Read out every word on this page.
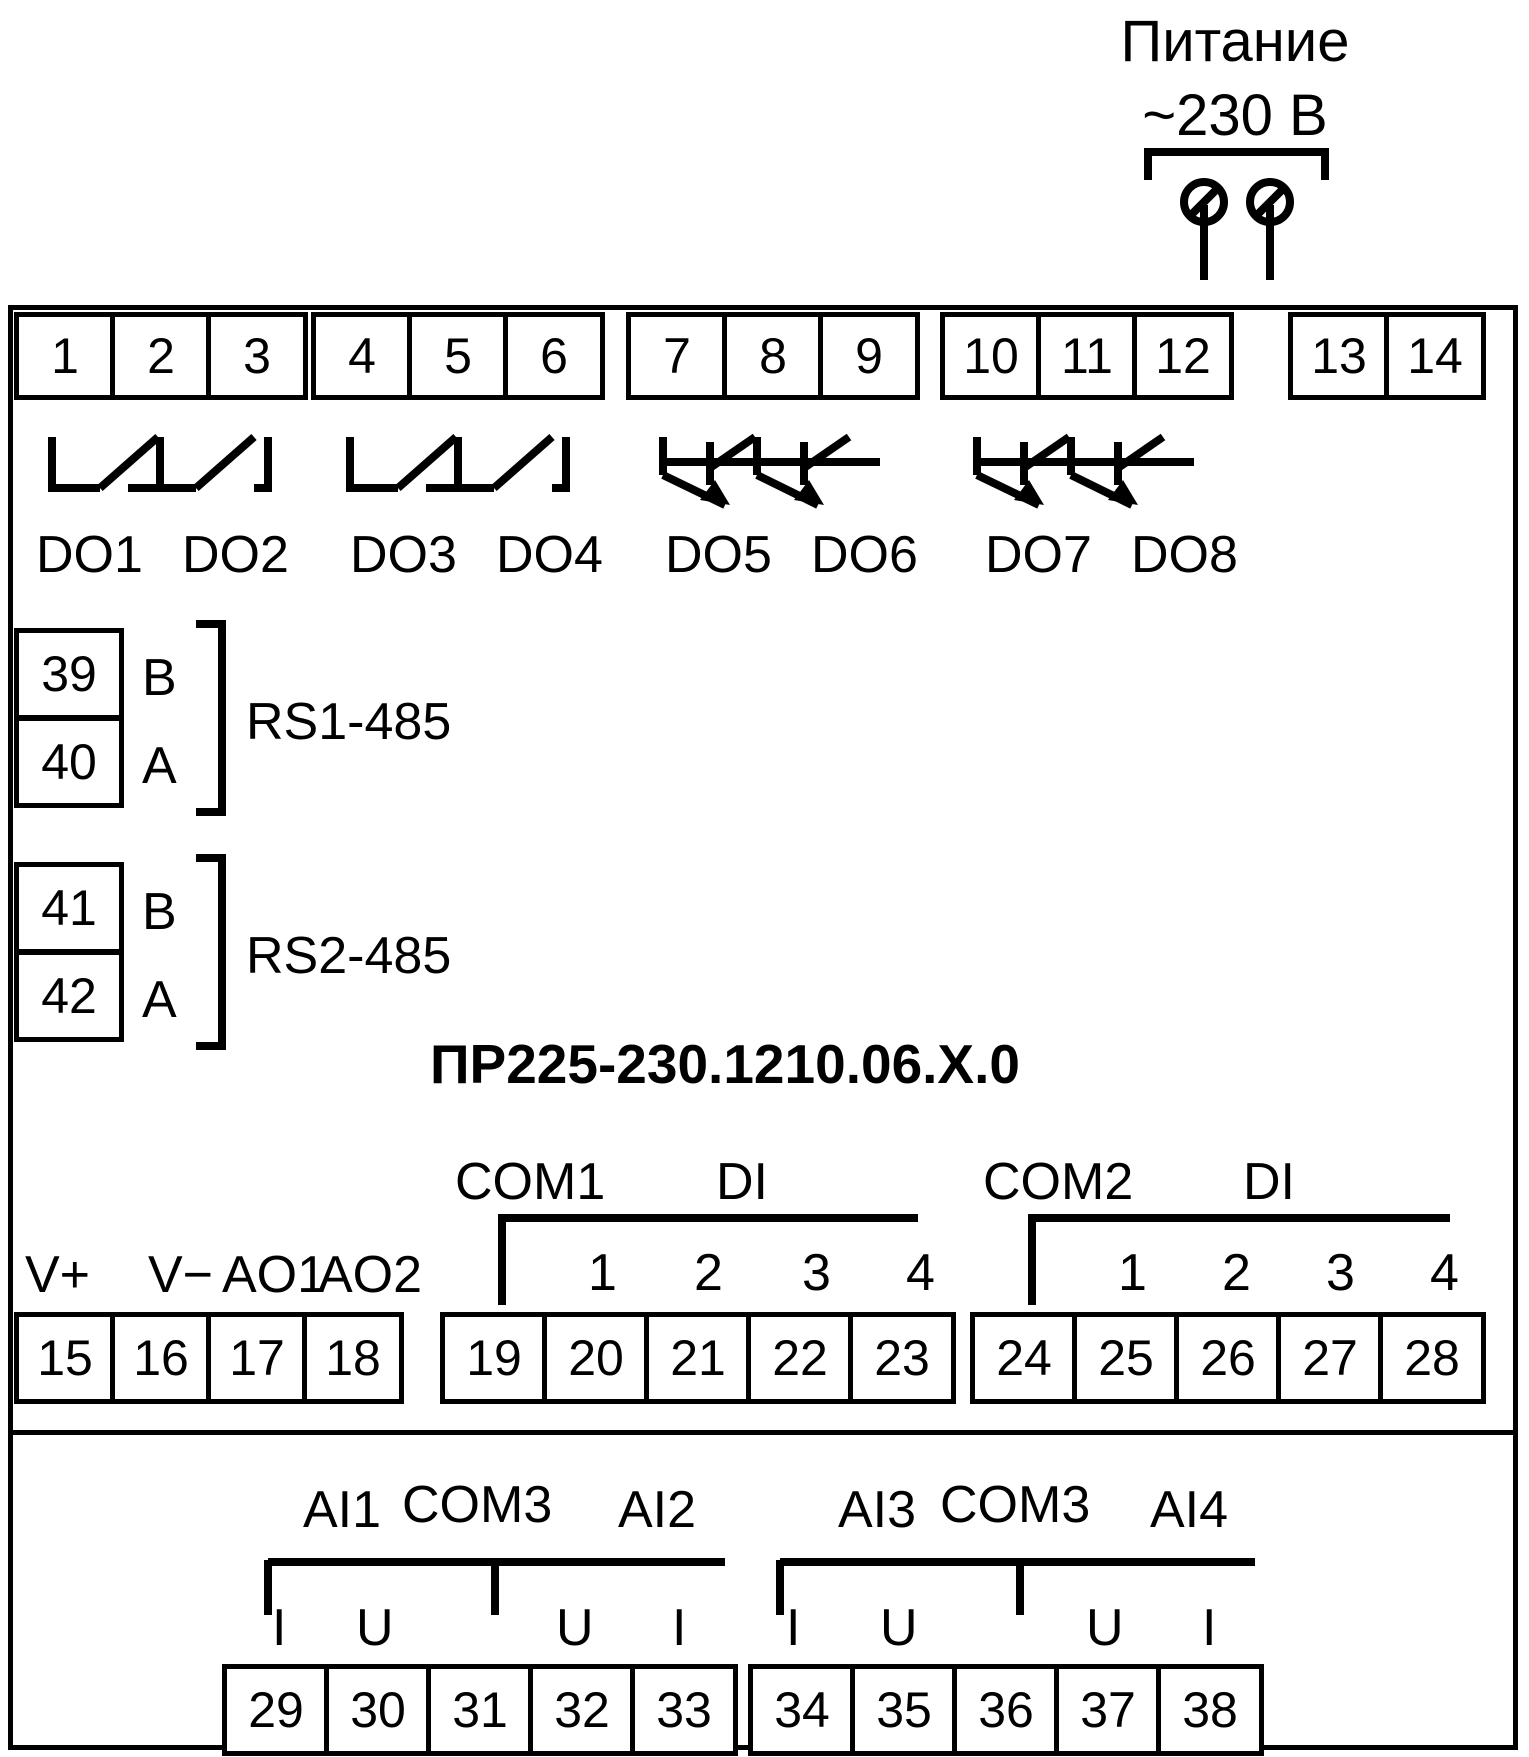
Питание
~230 В
1	2	3	4	5	6	7	8	9	10 11 12	13 14
DO1 DO2 DO3 DO4 DO5 DO6 DO7 DO8
39
40
B
A
RS1-485
41
42
B
A
RS2-485
ПР225-230.1210.06.Х.0
COM1 DI	COM2 DI
1 2 3 4	1 2 3 4
V+ V− AO1
AO2
15 16 17 18	19 20 21 22 23	24 25 26 27 28
AI1 COM3 AI2	AI3 COM3 AI4
I U	U I I U	U I
29 30 31 32 33	34 35 36 37 38
